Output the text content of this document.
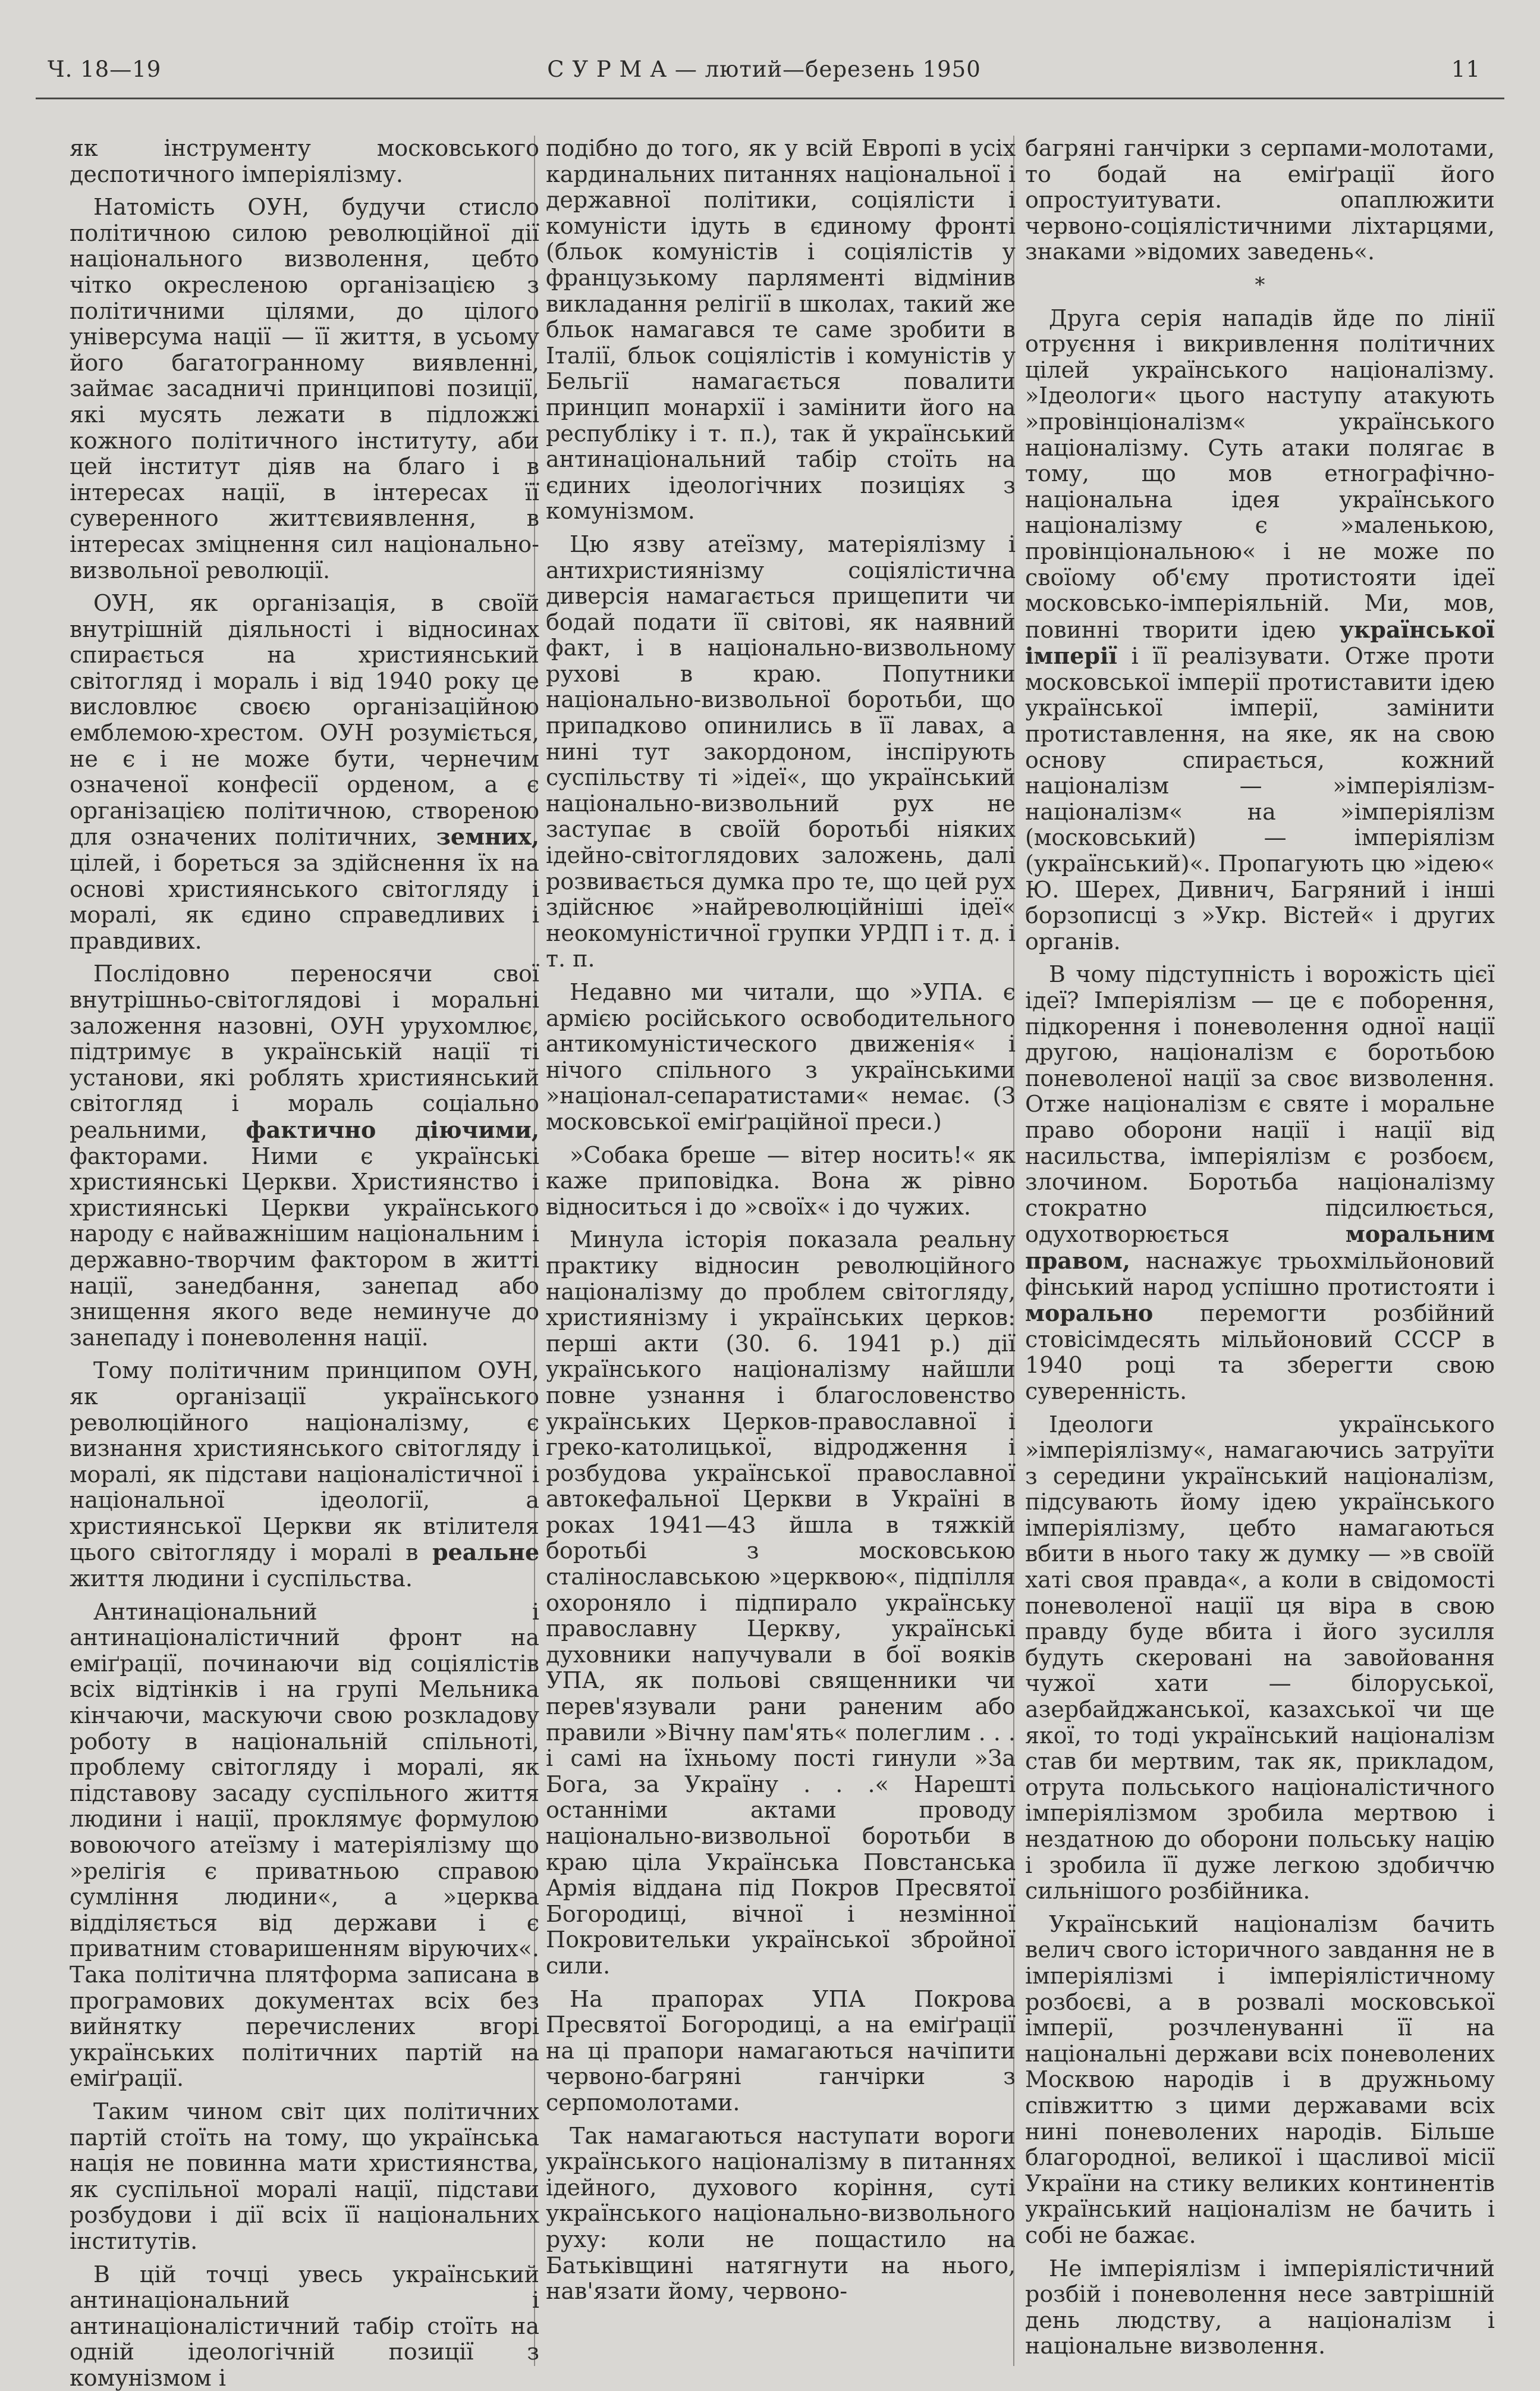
Ч. 18—19	С У Р М А — лютий—березень 1950	11

як інструменту московського деспотичного імперіялізму.

Натомість ОУН, будучи стисло політичною силою революційної дії національного визволення, цебто чітко окресленою організацією з політичними цілями, до цілого універсума нації — її життя, в усьому його багатогранному виявленні, займає засадничі принципові позиції, які мусять лежати в підложжі кожного політичного інституту, аби цей інститут діяв на благо і в інтересах нації, в інтересах її суверенного життєвиявлення, в інтересах зміцнення сил національно-визвольної революції.

ОУН, як організація, в своїй внутрішній діяльності і відносинах спирається на християнський світогляд і мораль і від 1940 року це висловлює своєю організаційною емблемою-хрестом. ОУН розуміється, не є і не може бути, чернечим означеної конфесії орденом, а є організацією політичною, створеною для означених політичних, земних, цілей, і бореться за здійснення їх на основі християнського світогляду і моралі, як єдино справедливих і правдивих.

Послідовно переносячи свої внутрішньо-світоглядові і моральні заложення назовні, ОУН урухомлює, підтримує в українській нації ті установи, які роблять християнський світогляд і мораль соціально реальними, фактично діючими, факторами. Ними є українські християнські Церкви. Християнство і християнські Церкви українського народу є найважнішим національним і державно-творчим фактором в житті нації, занедбання, занепад або знищення якого веде неминуче до занепаду і поневолення нації.

Тому політичним принципом ОУН, як організації українського революційного націоналізму, є визнання християнського світогляду і моралі, як підстави націоналістичної і національної ідеології, а християнської Церкви як втілителя цього світогляду і моралі в реальне життя людини і суспільства.

Антинаціональний і антинаціоналістичний фронт на еміґрації, починаючи від соціялістів всіх відтінків і на групі Мельника кінчаючи, маскуючи свою розкладову роботу в національній спільноті, проблему світогляду і моралі, як підставову засаду суспільного життя людини і нації, проклямує формулою вовоючого атеїзму і матеріялізму що »релігія є приватньою справою сумління людини«, а »церква відділяється від держави і є приватним стоваришенням віруючих«. Така політична плятформа записана в програмових документах всіх без вийнятку перечислених вгорі українських політичних партій на еміґрації.

Таким чином світ цих політичних партій стоїть на тому, що українська нація не повинна мати християнства, як суспільної моралі нації, підстави розбудови і дії всіх її національних інститутів.

В цій точці увесь український антинаціональний і антинаціоналістичний табір стоїть на одній ідеологічній позиції з комунізмом і

подібно до того, як у всій Европі в усіх кардинальних питаннях національної і державної політики, соціялісти і комуністи ідуть в єдиному фронті (бльок комуністів і соціялістів у французькому парляменті відмінив викладання релігії в школах, такий же бльок намагався те саме зробити в Італії, бльок соціялістів і комуністів у Бельгії намагається повалити принцип монархії і замінити його на республіку і т. п.), так й український антинаціональний табір стоїть на єдиних ідеологічних позиціях з комунізмом.

Цю язву атеїзму, матеріялізму і антихристиянізму соціялістична диверсія намагається прищепити чи бодай подати її світові, як наявний факт, і в національно-визвольному рухові в краю. Попутники національно-визвольної боротьби, що припадково опинились в її лавах, а нині тут закордоном, інспірують суспільству ті »ідеї«, що український національно-визвольний рух не заступає в своїй боротьбі ніяких ідейно-світоглядових заложень, далі розвивається думка про те, що цей рух здійснює »найреволюційніші ідеї« неокомуністичної групки УРДП і т. д. і т. п.

Недавно ми читали, що »УПА. є армією російського освободительного антикомуністического движенія« і нічого спільного з українськими »націонал-сепаратистами« немає. (З московської еміґраційної преси.)

»Собака бреше — вітер носить!« як каже приповідка. Вона ж рівно відноситься і до »своїх« і до чужих.

Минула історія показала реальну практику відносин революційного націоналізму до проблем світогляду, християнізму і українських церков: перші акти (30. 6. 1941 р.) дії українського націоналізму найшли повне узнання і благословенство українських Церков-православної і греко-католицької, відродження і розбудова української православної автокефальної Церкви в Україні в роках 1941—43 йшла в тяжкій боротьбі з московською сталінославською »церквою«, підпілля охороняло і підпирало українську православну Церкву, українські духовники напучували в бої вояків УПА, як польові священники чи перев'язували рани раненим або правили »Вічну пам'ять« полеглим . . . і самі на їхньому пості гинули »За Бога, за Україну . . .« Нарешті останніми актами проводу національно-визвольної боротьби в краю ціла Українська Повстанська Армія віддана під Покров Пресвятої Богородиці, вічної і незмінної Покровительки української збройної сили.

На прапорах УПА Покрова Пресвятої Богородиці, а на еміґрації на ці прапори намагаються начіпити червоно-багряні ганчірки з серпомолотами.

Так намагаються наступати вороги українського націоналізму в питаннях ідейного, духового коріння, суті українського національно-визвольного руху: коли не пощастило на Батьківщині натягнути на нього, нав'язати йому, червоно-

багряні ганчірки з серпами-молотами, то бодай на еміґрації його опростуитувати. опаплюжити червоно-соціялістичними ліхтарцями, знаками »відомих заведень«.

*

Друга серія нападів йде по лінії отруєння і викривлення політичних цілей українського націоналізму. »Ідеологи« цього наступу атакують »провінціоналізм« українського націоналізму. Суть атаки полягає в тому, що мов етнографічно-національна ідея українського націоналізму є »маленькою, провінціональною« і не може по своїому об'єму протистояти ідеї московсько-імперіяльній. Ми, мов, повинні творити ідею української імперії і її реалізувати. Отже проти московської імперії протиставити ідею української імперії, замінити протиставлення, на яке, як на свою основу спирається, кожний націоналізм — »імперіялізм-націоналізм« на »імперіялізм (московський) — імперіялізм (український)«. Пропагують цю »ідею« Ю. Шерех, Дивнич, Багряний і інші борзописці з »Укр. Вістей« і других органів.

В чому підступність і ворожість цієї ідеї? Імперіялізм — це є поборення, підкорення і поневолення одної нації другою, націоналізм є боротьбою поневоленої нації за своє визволення. Отже націоналізм є святе і моральне право оборони нації і нації від насильства, імперіялізм є розбоєм, злочином. Боротьба націоналізму стократно підсилюється, одухотворюється	моральним правом, наснажує трьохмільйоновий фінський народ успішно протистояти і морально перемогти розбійний стовісімдесять мільйоновий СССР в 1940 році та зберегти свою суверенність.

Ідеологи українського »імперіялізму«, намагаючись затруїти з середини український націоналізм, підсувають йому ідею українського імперіялізму, цебто намагаються вбити в нього таку ж думку — »в своїй хаті своя правда«, а коли в свідомості поневоленої нації ця віра в свою правду буде вбита і його зусилля будуть скеровані на завойовання чужої хати — білоруської, азербайджанської, казахської чи ще якої, то тоді український націоналізм став би мертвим, так як, прикладом, отрута польського націоналістичного імперіялізмом зробила мертвою і нездатною до оборони польську націю і зробила її дуже легкою здобиччю сильнішого розбійника.

Український націоналізм бачить велич свого історичного завдання не в імперіялізмі і імперіялістичному розбоєві, а в розвалі московської імперії, розчленуванні її на національні держави всіх поневолених Москвою народів і в дружньому співжиттю з цими державами всіх нині поневолених народів. Більше благородної, великої і щасливої місії України на стику великих континентів український націоналізм не бачить і собі не бажає.

Не імперіялізм і імперіялістичний розбій і поневолення несе завтрішній день людству, а націоналізм і національне визволення.
